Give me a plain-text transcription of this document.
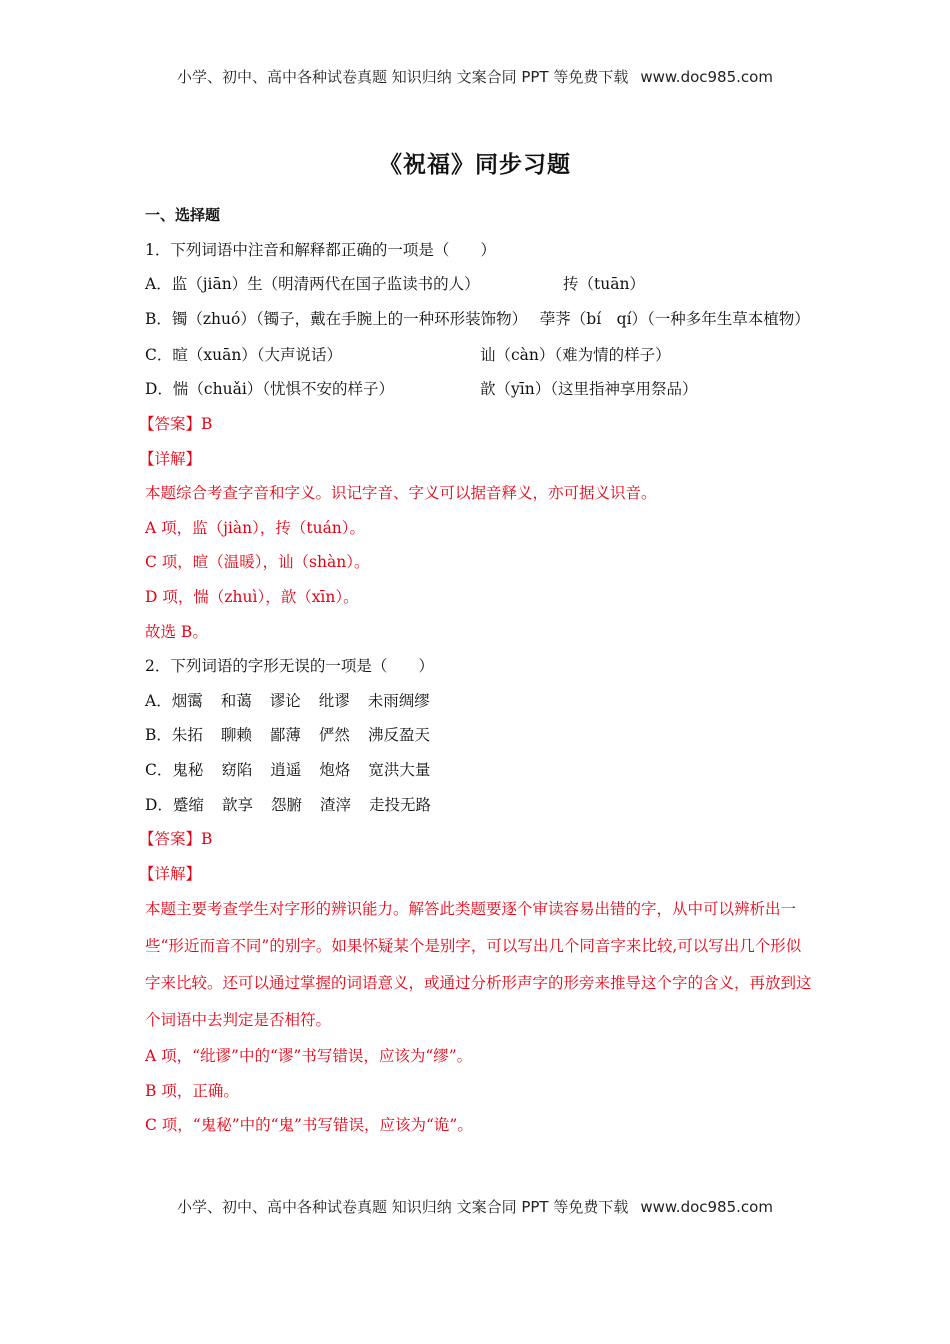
小学、初中、高中各种试卷真题 知识归纳 文案合同 PPT 等免费下载 www.doc985.com
《祝福》同步习题
一、选择题
1．下列词语中注音和解释都正确的一项是（　　）
A．监（jiān）生（明清两代在国子监读书的人）	抟（tuān）
B．镯（zhuó）（镯子，戴在手腕上的一种环形装饰物）　 荸荠（bí　qí）（一种多年生草本植物）
C．暄（xuān）（大声说话）	讪（càn）（难为情的样子）
D．惴（chuǎi）（忧惧不安的样子）	歆（yīn）（这里指神享用祭品）
【答案】B
【详解】
本题综合考查字音和字义。识记字音、字义可以据音释义，亦可据义识音。
A 项，监（jiàn），抟（tuán）。
C 项，暄（温暖），讪（shàn）。
D 项，惴（zhuì），歆（xīn）。
故选 B。
2．下列词语的字形无误的一项是（　　）
A．烟霭 和蔼 谬论 纰谬 未雨绸缪
B．朱拓 聊赖 鄙薄 俨然 沸反盈天
C．鬼秘 窈陷 逍遥 炮烙 宽洪大量
D．蹙缩 歆享 怨腑 渣滓 走投无路
【答案】B
【详解】
本题主要考查学生对字形的辨识能力。解答此类题要逐个审读容易出错的字，从中可以辨析出一些“形近而音不同”的别字。如果怀疑某个是别字，可以写出几个同音字来比较,可以写出几个形似字来比较。还可以通过掌握的词语意义，或通过分析形声字的形旁来推导这个字的含义，再放到这个词语中去判定是否相符。
A 项，“纰谬”中的“谬”书写错误，应该为“缪”。
B 项，正确。
C 项，“鬼秘”中的“鬼”书写错误，应该为“诡”。
小学、初中、高中各种试卷真题 知识归纳 文案合同 PPT 等免费下载 www.doc985.com
